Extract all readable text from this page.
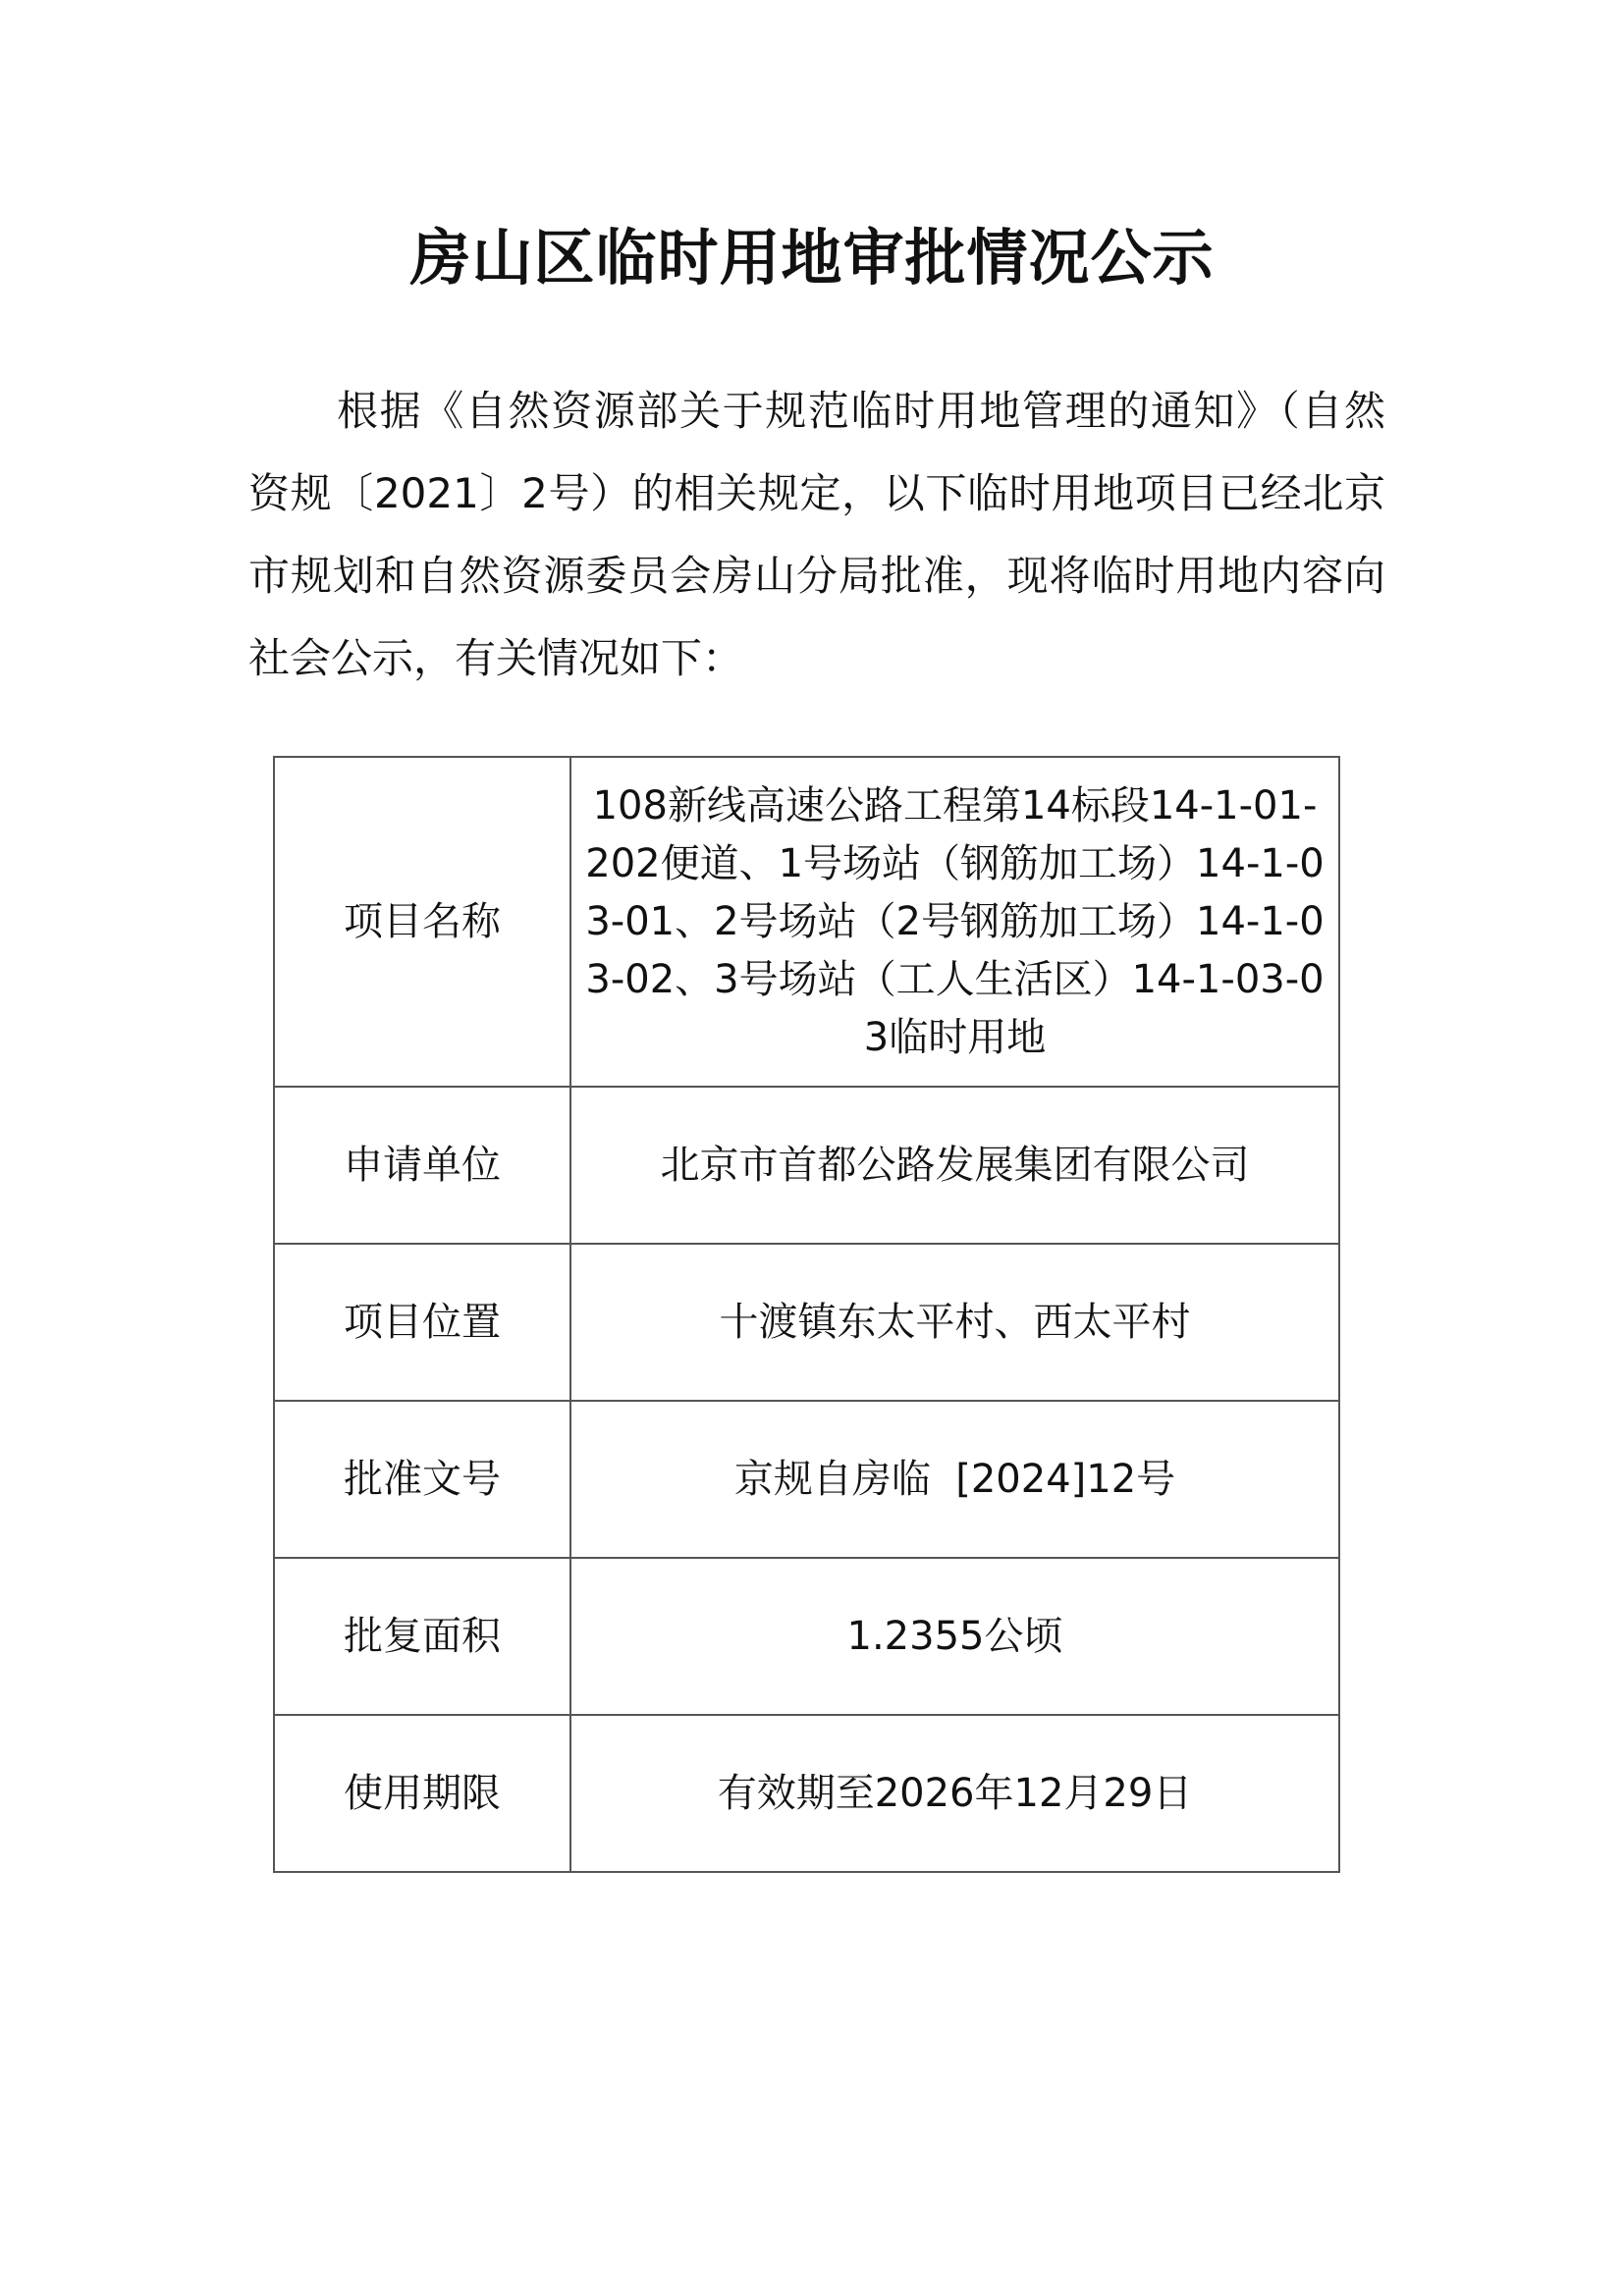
房山区临时用地审批情况公示

根据《自然资源部关于规范临时用地管理的通知》（自然资规〔2021〕2号）的相关规定，以下临时用地项目已经北京市规划和自然资源委员会房山分局批准，现将临时用地内容向社会公示，有关情况如下：

项目名称	108新线高速公路工程第14标段14-1-01-202便道、1号场站（钢筋加工场）14-1-03-01、2号场站（2号钢筋加工场）14-1-03-02、3号场站（工人生活区）14-1-03-03临时用地

申请单位	北京市首都公路发展集团有限公司
项目位置	十渡镇东太平村、西太平村
批准文号	京规自房临  [2024]12号
批复面积	1.2355公顷
使用期限	有效期至2026年12月29日
